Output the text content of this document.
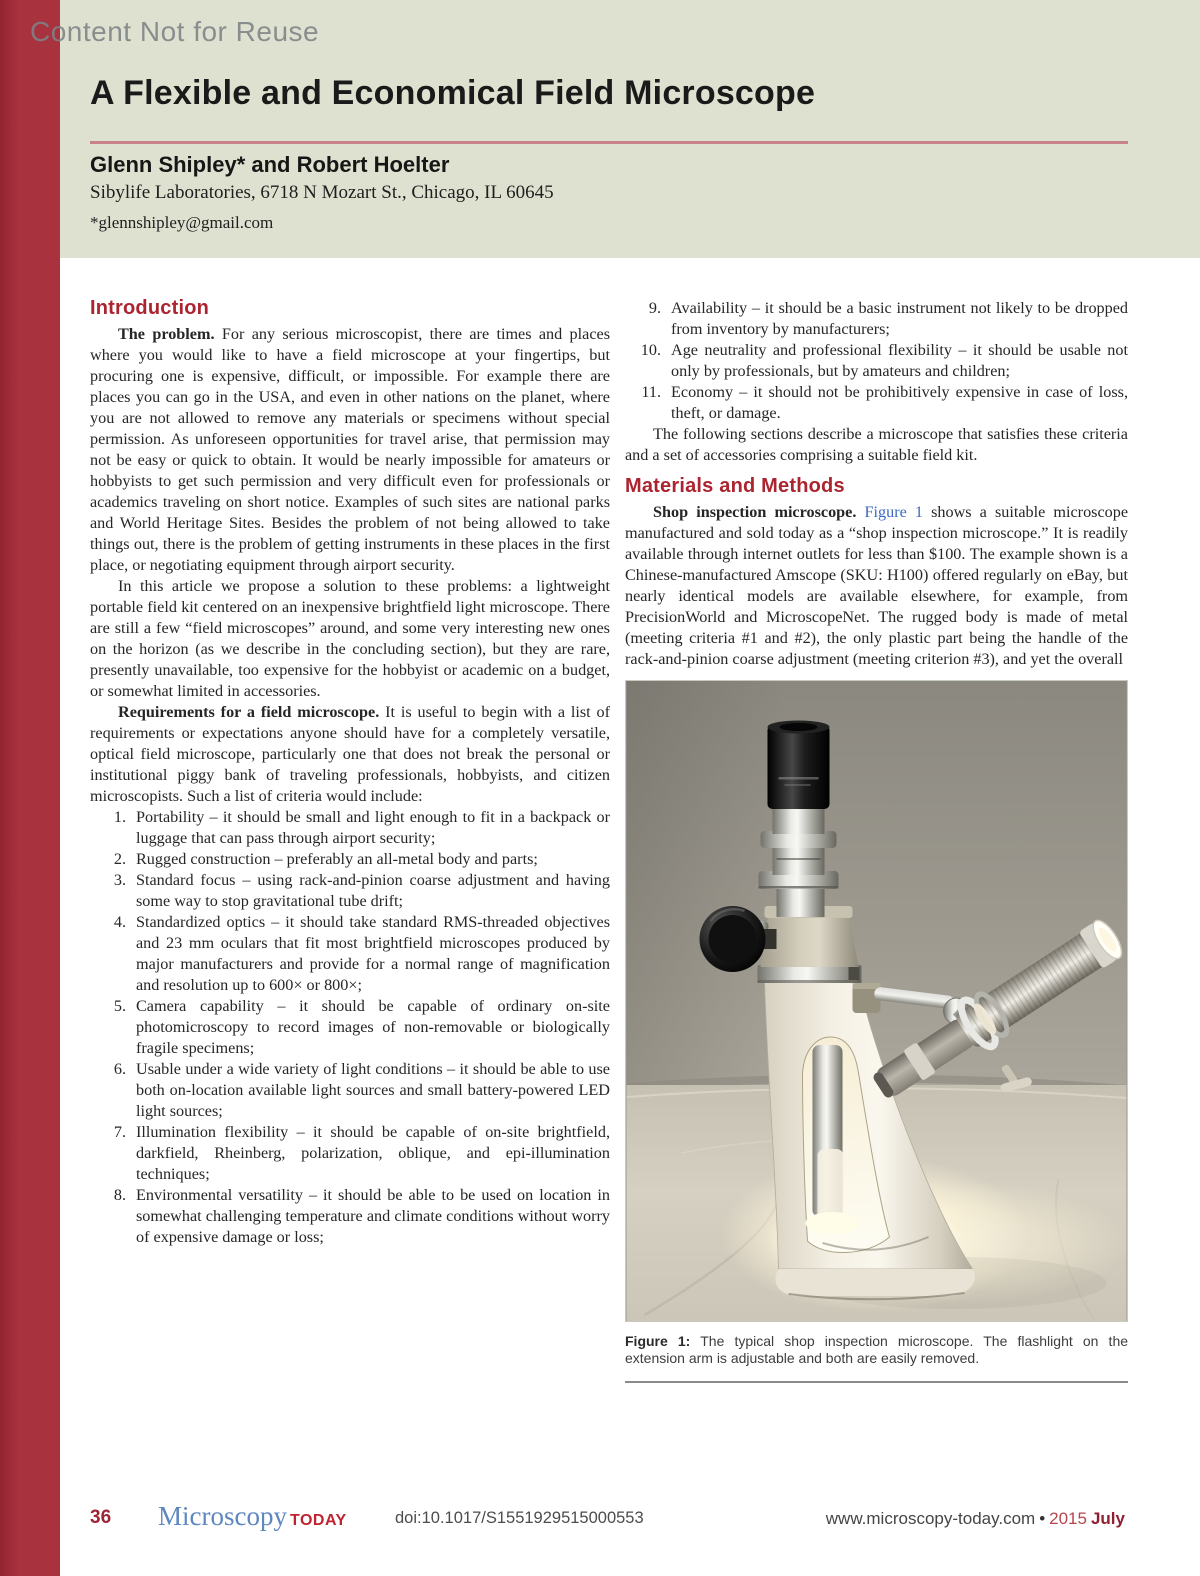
Content Not for Reuse
A Flexible and Economical Field Microscope
Glenn Shipley* and Robert Hoelter
Sibylife Laboratories, 6718 N Mozart St., Chicago, IL 60645
*glennshipley@gmail.com
Introduction

The problem. For any serious microscopist, there are times and places where you would like to have a field microscope at your fingertips, but procuring one is expensive, difficult, or impossible. For example there are places you can go in the USA, and even in other nations on the planet, where you are not allowed to remove any materials or specimens without special permission. As unforeseen opportunities for travel arise, that permission may not be easy or quick to obtain. It would be nearly impossible for amateurs or hobbyists to get such permission and very difficult even for professionals or academics traveling on short notice. Examples of such sites are national parks and World Heritage Sites. Besides the problem of not being allowed to take things out, there is the problem of getting instruments in these places in the first place, or negotiating equipment through airport security.

In this article we propose a solution to these problems: a lightweight portable field kit centered on an inexpensive brightfield light microscope. There are still a few “field microscopes” around, and some very interesting new ones on the horizon (as we describe in the concluding section), but they are rare, presently unavailable, too expensive for the hobbyist or academic on a budget, or somewhat limited in accessories.

Requirements for a field microscope. It is useful to begin with a list of requirements or expectations anyone should have for a completely versatile, optical field microscope, particularly one that does not break the personal or institutional piggy bank of traveling professionals, hobbyists, and citizen microscopists. Such a list of criteria would include:

1. Portability – it should be small and light enough to fit in a backpack or luggage that can pass through airport security;
2. Rugged construction – preferably an all-metal body and parts;
3. Standard focus – using rack-and-pinion coarse adjustment and having some way to stop gravitational tube drift;
4. Standardized optics – it should take standard RMS-threaded objectives and 23 mm oculars that fit most brightfield microscopes produced by major manufacturers and provide for a normal range of magnification and resolution up to 600× or 800×;
5. Camera capability – it should be capable of ordinary on-site photomicroscopy to record images of non-removable or biologically fragile specimens;
6. Usable under a wide variety of light conditions – it should be able to use both on-location available light sources and small battery-powered LED light sources;
7. Illumination flexibility – it should be capable of on-site brightfield, darkfield, Rheinberg, polarization, oblique, and epi-illumination techniques;
8. Environmental versatility – it should be able to be used on location in somewhat challenging temperature and climate conditions without worry of expensive damage or loss;
9. Availability – it should be a basic instrument not likely to be dropped from inventory by manufacturers;
10. Age neutrality and professional flexibility – it should be usable not only by professionals, but by amateurs and children;
11. Economy – it should not be prohibitively expensive in case of loss, theft, or damage.

The following sections describe a microscope that satisfies these criteria and a set of accessories comprising a suitable field kit.

Materials and Methods

Shop inspection microscope. Figure 1 shows a suitable microscope manufactured and sold today as a “shop inspection microscope.” It is readily available through internet outlets for less than $100. The example shown is a Chinese-manufactured Amscope (SKU: H100) offered regularly on eBay, but nearly identical models are available elsewhere, for example, from PrecisionWorld and MicroscopeNet. The rugged body is made of metal (meeting criteria #1 and #2), the only plastic part being the handle of the rack-and-pinion coarse adjustment (meeting criterion #3), and yet the overall

Figure 1: The typical shop inspection microscope. The flashlight on the extension arm is adjustable and both are easily removed.

36 Microscopy TODAY	doi:10.1017/S1551929515000553	www.microscopy-today.com • 2015 July
